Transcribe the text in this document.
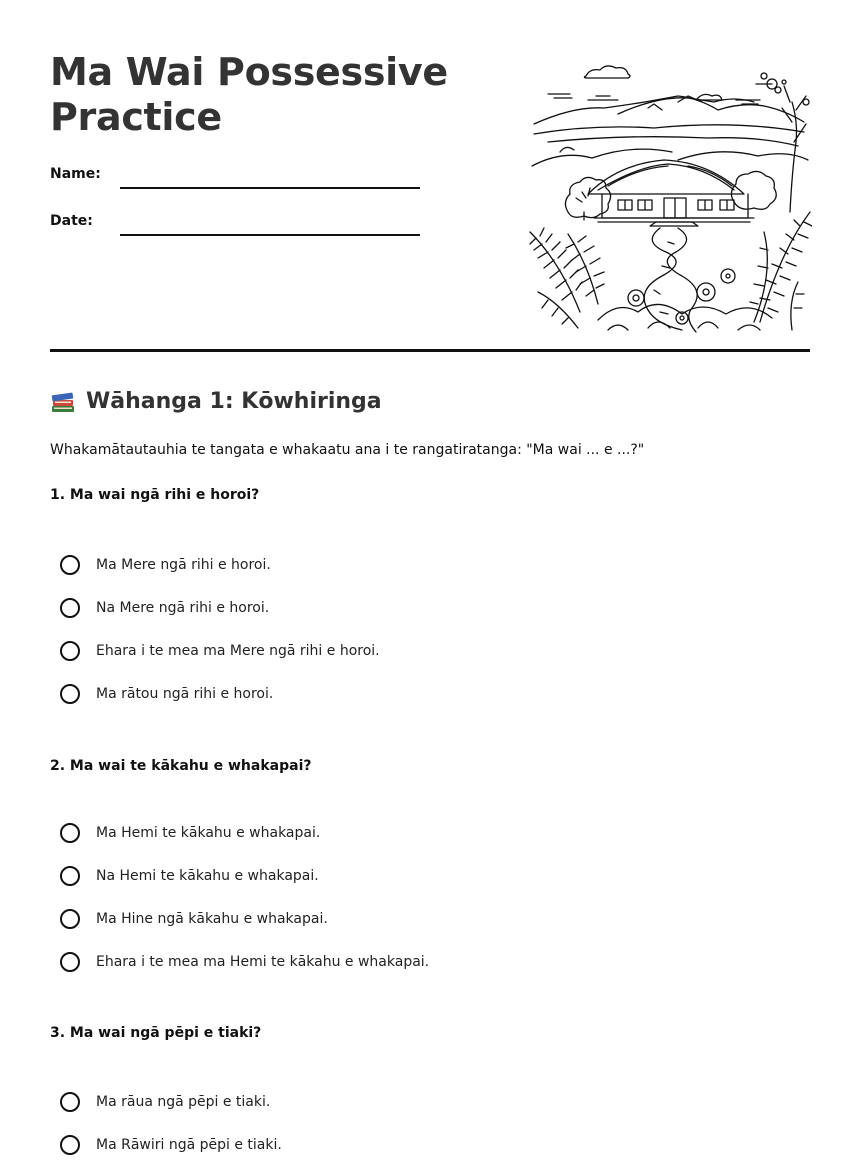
Ma Wai Possessive Practice
Name:
Date:
Wāhanga 1: Kōwhiringa
Whakamātautauhia te tangata e whakaatu ana i te rangatiratanga: "Ma wai ... e ...?"
1. Ma wai ngā rihi e horoi?
Ma Mere ngā rihi e horoi.
Na Mere ngā rihi e horoi.
Ehara i te mea ma Mere ngā rihi e horoi.
Ma rātou ngā rihi e horoi.
2. Ma wai te kākahu e whakapai?
Ma Hemi te kākahu e whakapai.
Na Hemi te kākahu e whakapai.
Ma Hine ngā kākahu e whakapai.
Ehara i te mea ma Hemi te kākahu e whakapai.
3. Ma wai ngā pēpi e tiaki?
Ma rāua ngā pēpi e tiaki.
Ma Rāwiri ngā pēpi e tiaki.
